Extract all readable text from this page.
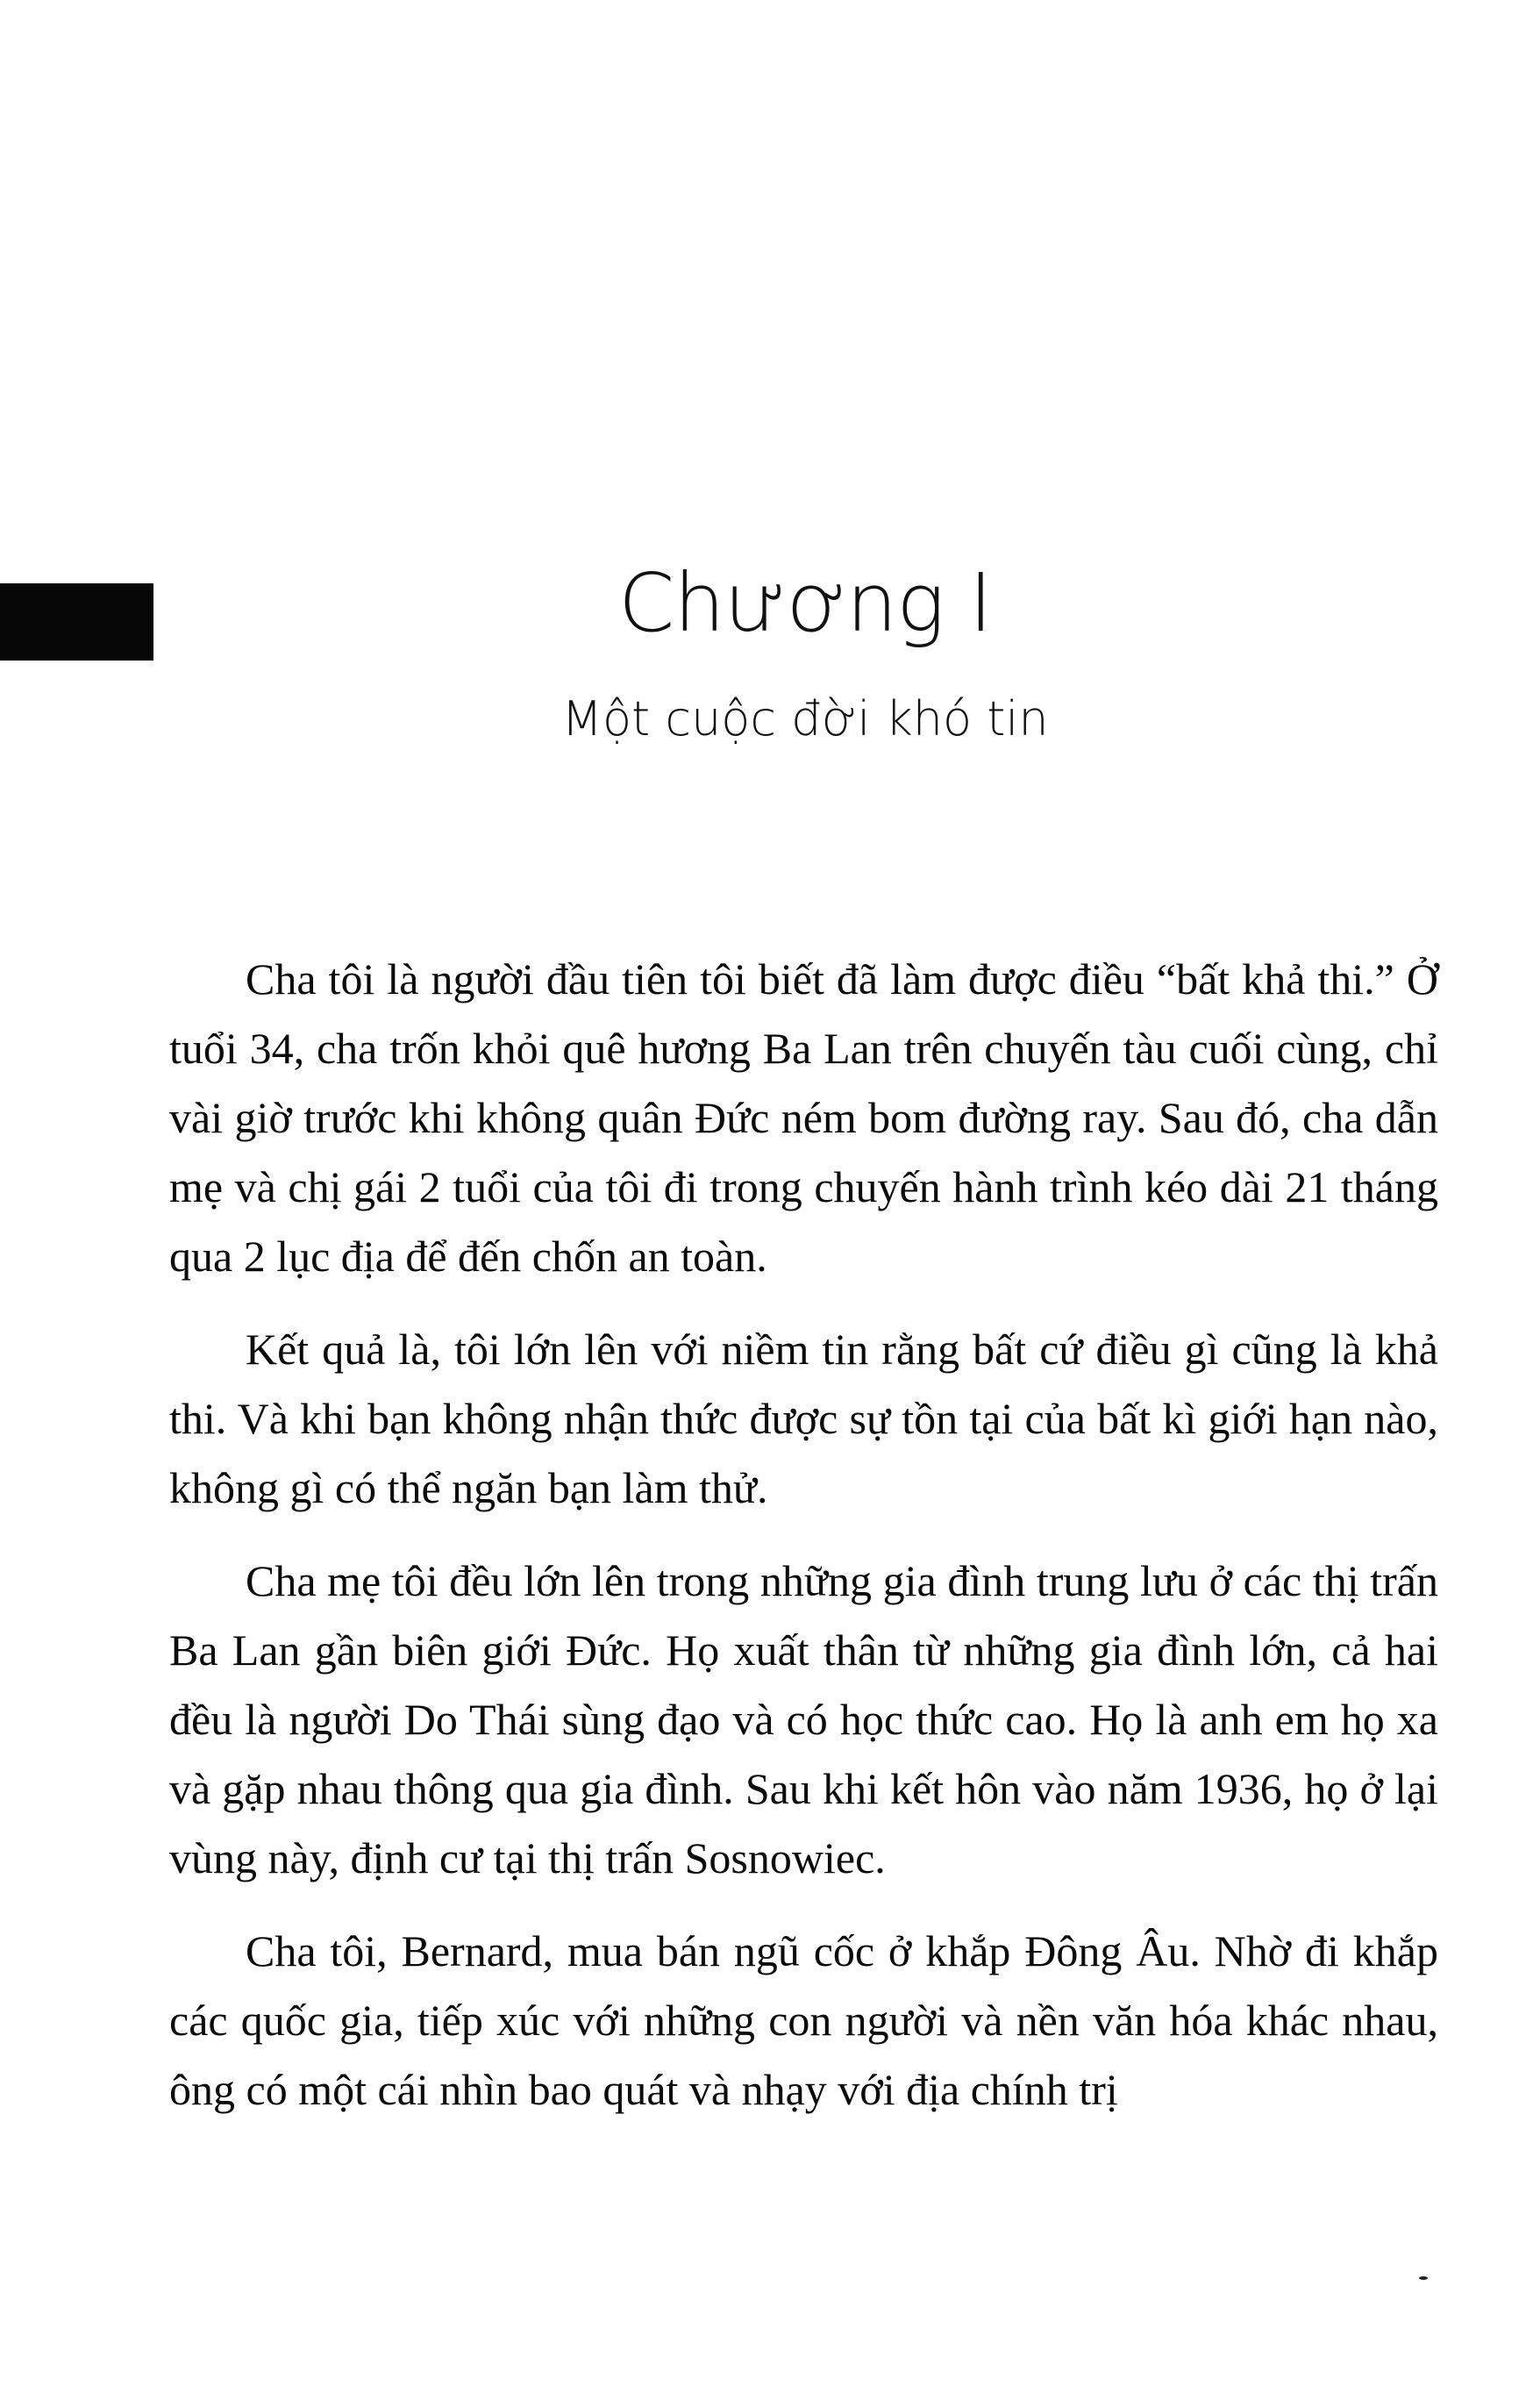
Chương I
Một cuộc đời khó tin

Cha tôi là người đầu tiên tôi biết đã làm được điều “bất khả thi.” Ở tuổi 34, cha trốn khỏi quê hương Ba Lan trên chuyến tàu cuối cùng, chỉ vài giờ trước khi không quân Đức ném bom đường ray. Sau đó, cha dẫn mẹ và chị gái 2 tuổi của tôi đi trong chuyến hành trình kéo dài 21 tháng qua 2 lục địa để đến chốn an toàn.

Kết quả là, tôi lớn lên với niềm tin rằng bất cứ điều gì cũng là khả thi. Và khi bạn không nhận thức được sự tồn tại của bất kì giới hạn nào, không gì có thể ngăn bạn làm thử.

Cha mẹ tôi đều lớn lên trong những gia đình trung lưu ở các thị trấn Ba Lan gần biên giới Đức. Họ xuất thân từ những gia đình lớn, cả hai đều là người Do Thái sùng đạo và có học thức cao. Họ là anh em họ xa và gặp nhau thông qua gia đình. Sau khi kết hôn vào năm 1936, họ ở lại vùng này, định cư tại thị trấn Sosnowiec.

Cha tôi, Bernard, mua bán ngũ cốc ở khắp Đông Âu. Nhờ đi khắp các quốc gia, tiếp xúc với những con người và nền văn hóa khác nhau, ông có một cái nhìn bao quát và nhạy với địa chính trị
